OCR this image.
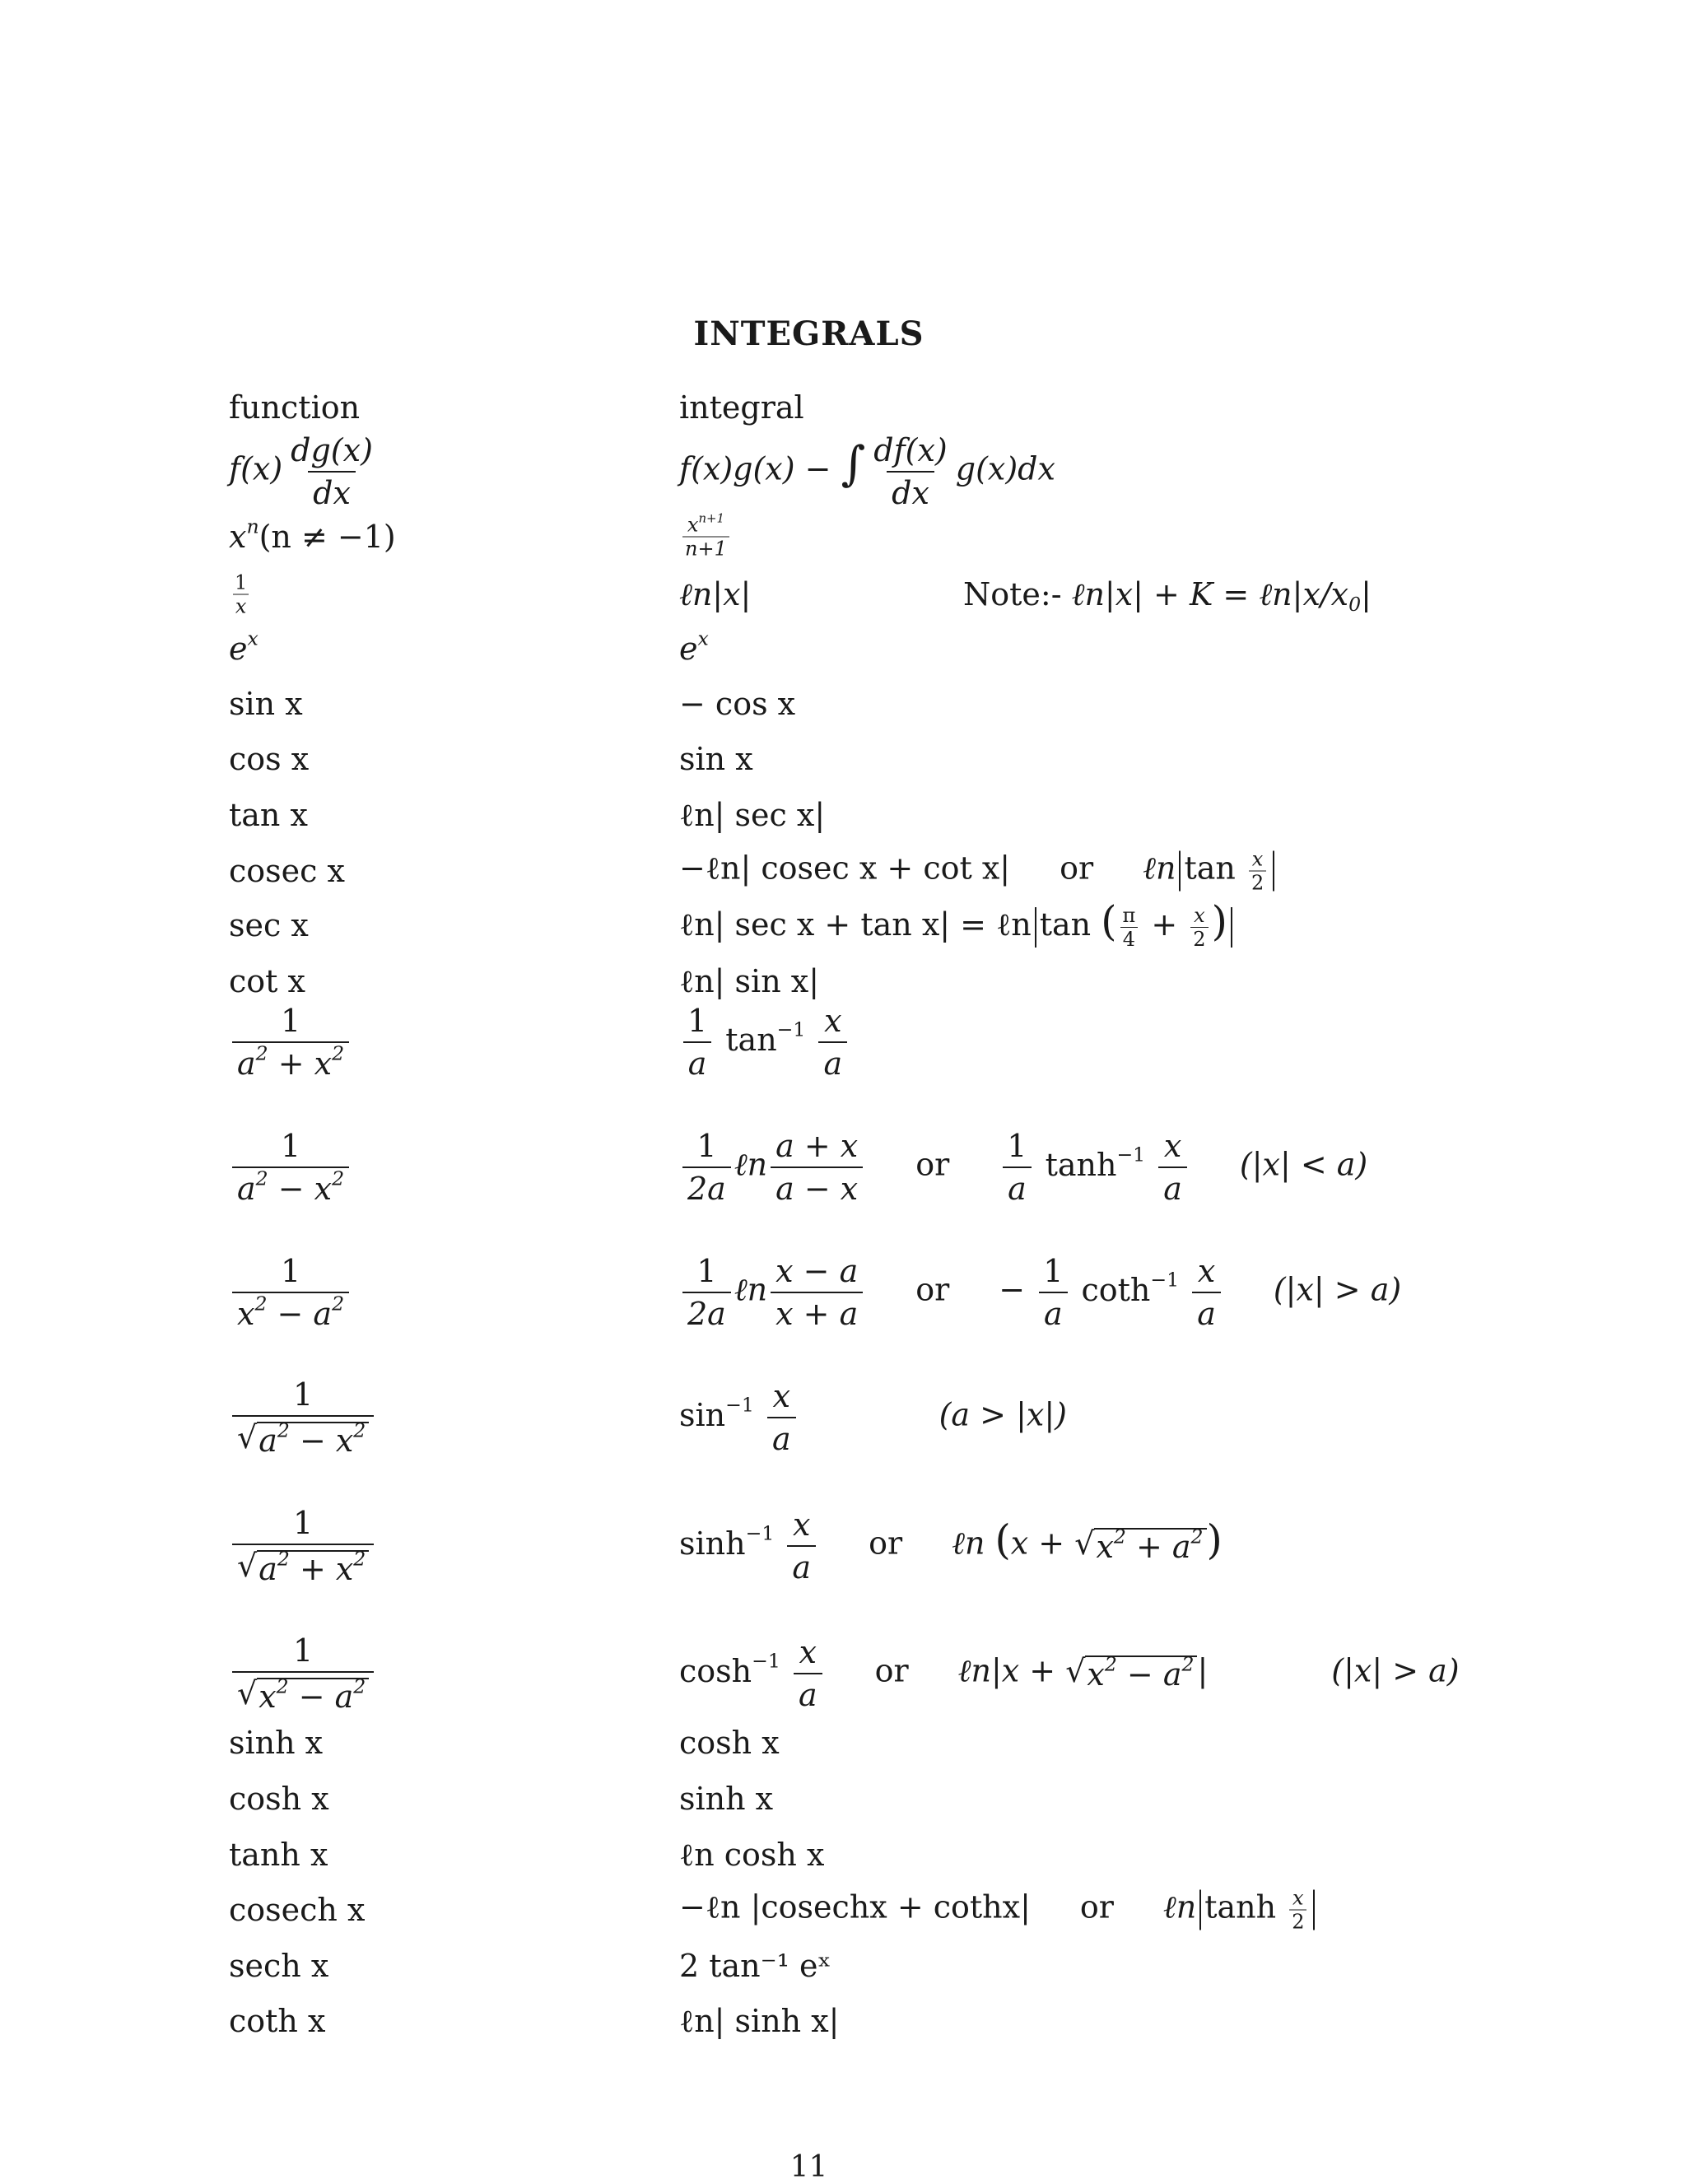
INTEGRALS
function	integral
$f(x) \frac{dg(x)}{dx}$	f(x)g(x) − ∫ $\frac{df(x)}{dx} g(x)dx$
$x^n(n \ne -1)$	$\frac{x^{n+1}}{n+1}$
$\frac{1}{x}$	ℓn|x|	Note:- ℓn|x| + $K = \ell n|x/x_0|$
$e^x$	$e^x$
sin x	− cos x
cos x	sin x
tan x	ℓn| sec x|
cosec x	−ℓn| cosec x + cot x| or ℓn $\tan \frac{x}{2}$
sec x	ℓn| sec x + tan x| = ℓn tan ( $\frac{\pi}{4} + \frac{x}{2}$ )
cot x	ℓn| sin x|
$\frac{1}{a^2 + x^2}$	$\frac{1}{a} \tan^{-1} \frac{x}{a}$
$\frac{1}{a^2 - x^2}$	$\frac{1}{2a}$ ℓn $\frac{a + x}{a - x}$ or $\frac{1}{a} \tanh^{-1} \frac{x}{a} (|x| < a)$
$\frac{1}{x^2 - a^2}$	$\frac{1}{2a}$ ℓn $\frac{x - a}{x + a}$ or − $\frac{1}{a} \cot h^{-1} \frac{x}{a} (|x| > a)$
$\frac{1}{√ a^2 - x^2}$	$\sin^{-1} \frac{x}{a}$	(a > |x|)
$\frac{1}{√ a^2 + x^2}$	$\sinh^{-1} \frac{x}{a}$ or ℓn (x + √ $x^2 + a^2$ )
$\frac{1}{√ x^2 - a^2}$	$\cosh^{-1} \frac{x}{a}$ or ℓn|x + √ $x^2 - a^2$ |	(|x| > a)
sinh x	cosh x
cosh x	sinh x
tanh x	ℓn cosh x
cosech x	−ℓn |cosechx + cothx| or ℓn $\tanh \frac{x}{2}$
sech x	2 tan⁻¹ eˣ
coth x	ℓn| sinh x|
11
